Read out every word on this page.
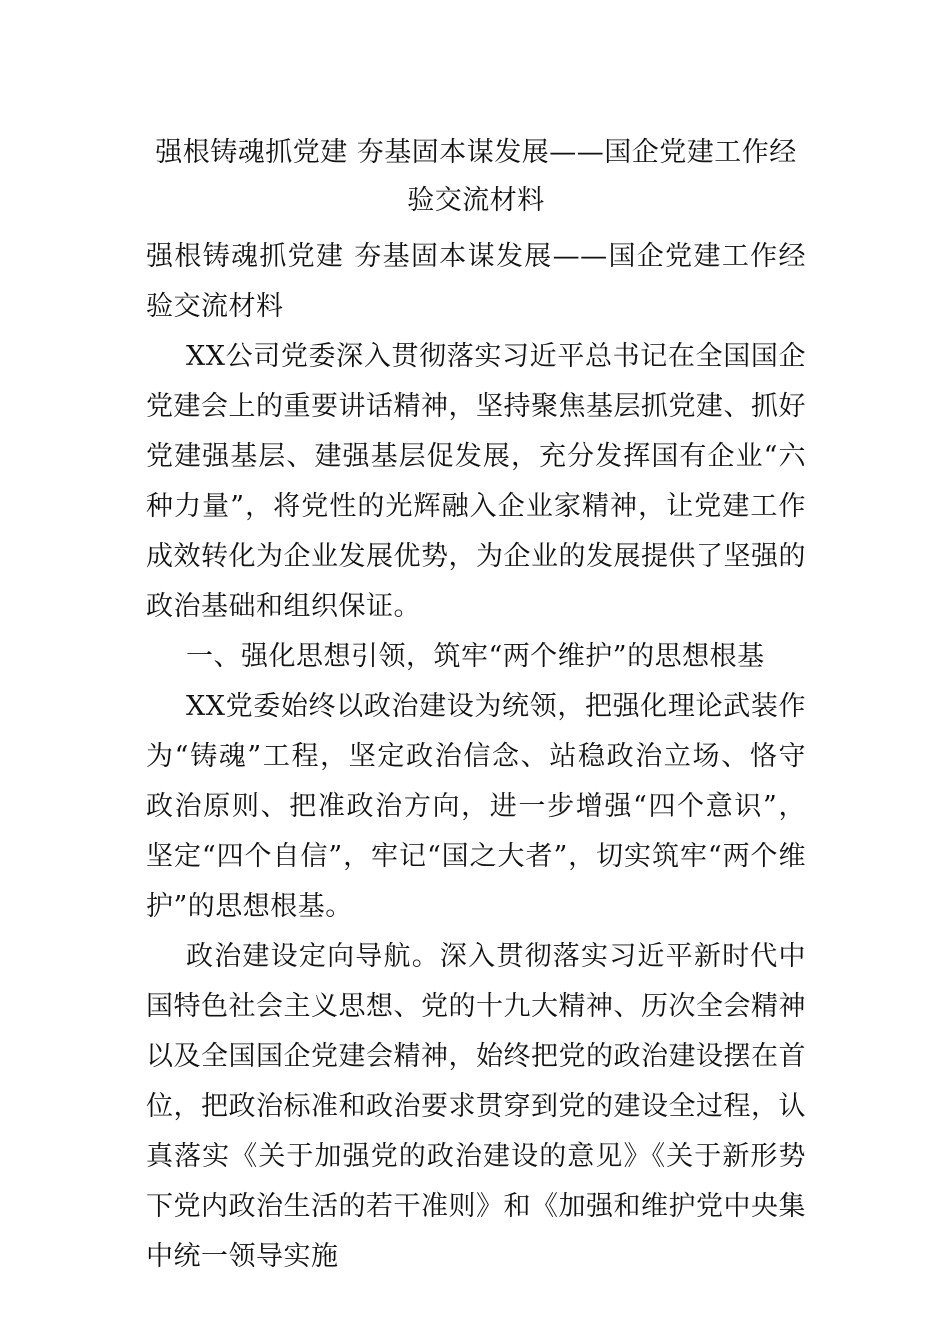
强根铸魂抓党建 夯基固本谋发展——国企党建工作经验交流材料

强根铸魂抓党建 夯基固本谋发展——国企党建工作经验交流材料

XX公司党委深入贯彻落实习近平总书记在全国国企党建会上的重要讲话精神，坚持聚焦基层抓党建、抓好党建强基层、建强基层促发展，充分发挥国有企业“六种力量”，将党性的光辉融入企业家精神，让党建工作成效转化为企业发展优势，为企业的发展提供了坚强的政治基础和组织保证。

一、强化思想引领，筑牢“两个维护”的思想根基

XX党委始终以政治建设为统领，把强化理论武装作为“铸魂”工程，坚定政治信念、站稳政治立场、恪守政治原则、把准政治方向，进一步增强“四个意识”，坚定“四个自信”，牢记“国之大者”，切实筑牢“两个维护”的思想根基。

政治建设定向导航。深入贯彻落实习近平新时代中国特色社会主义思想、党的十九大精神、历次全会精神以及全国国企党建会精神，始终把党的政治建设摆在首位，把政治标准和政治要求贯穿到党的建设全过程，认真落实《关于加强党的政治建设的意见》《关于新形势下党内政治生活的若干准则》和《加强和维护党中央集中统一领导实施
